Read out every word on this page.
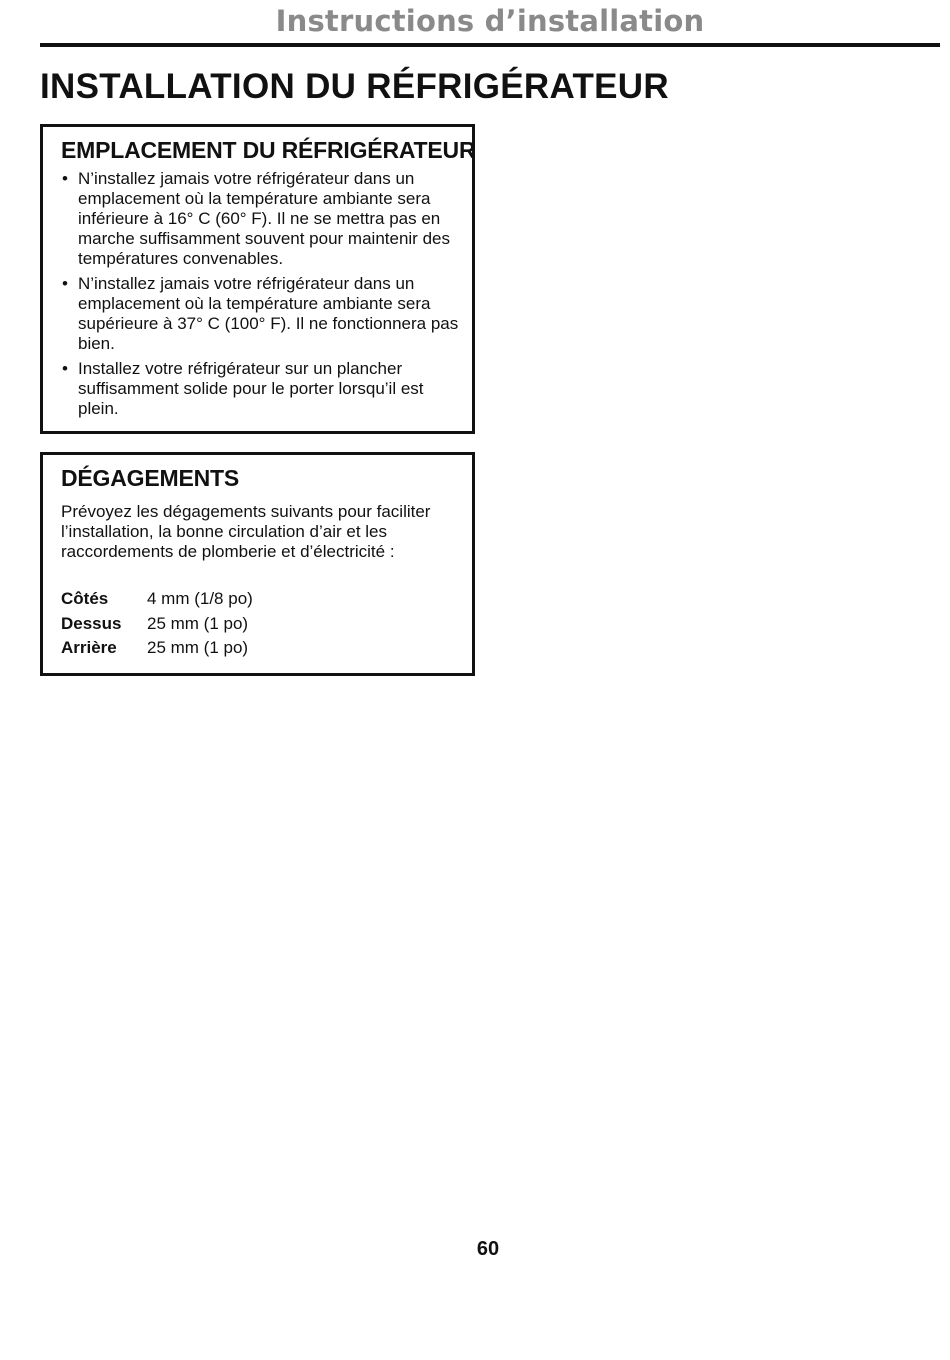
Instructions d’installation
INSTALLATION DU RÉFRIGÉRATEUR
EMPLACEMENT DU RÉFRIGÉRATEUR
• N’installez jamais votre réfrigérateur dans un emplacement où la température ambiante sera inférieure à 16° C (60° F). Il ne se mettra pas en marche suffisamment souvent pour maintenir des températures convenables.
• N’installez jamais votre réfrigérateur dans un emplacement où la température ambiante sera supérieure à 37° C (100° F). Il ne fonctionnera pas bien.
• Installez votre réfrigérateur sur un plancher suffisamment solide pour le porter lorsqu’il est plein.
DÉGAGEMENTS
Prévoyez les dégagements suivants pour faciliter l’installation, la bonne circulation d’air et les raccordements de plomberie et d’électricité :
Côtés	4 mm (1/8 po)
Dessus	25 mm (1 po)
Arrière	25 mm (1 po)
60
